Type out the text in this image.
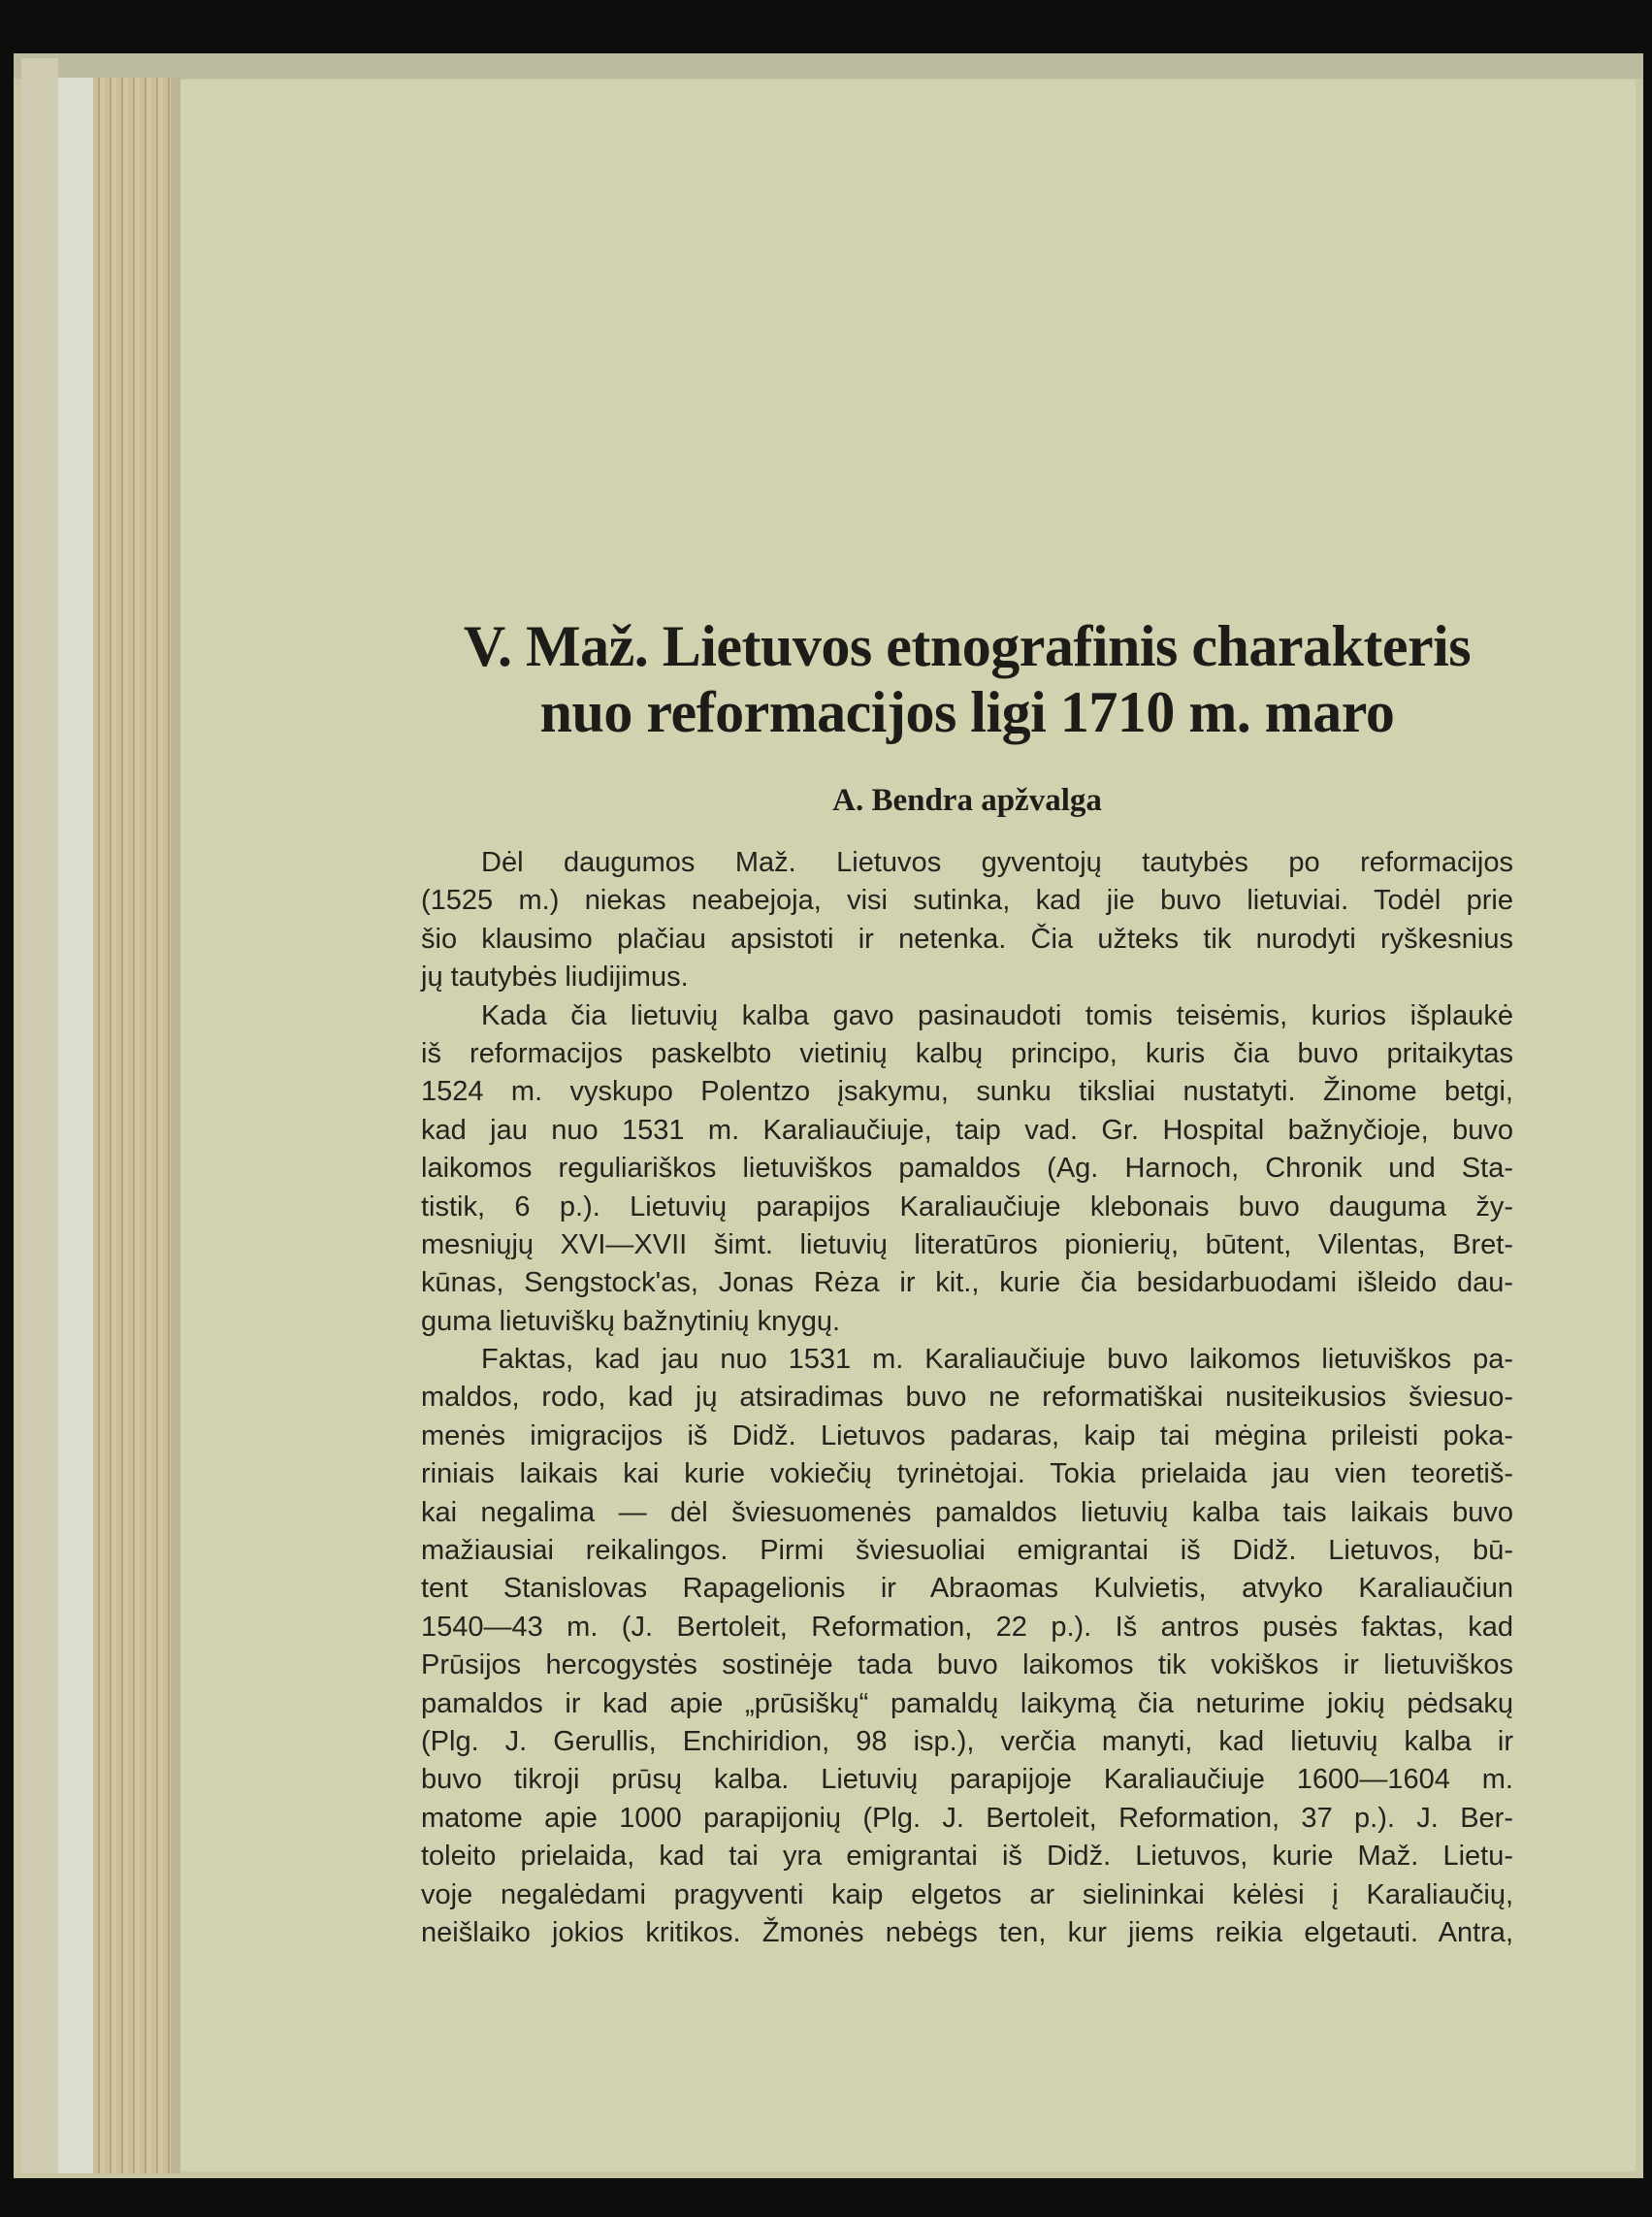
V. Maž. Lietuvos etnografinis charakteris
nuo reformacijos ligi 1710 m. maro
A. Bendra apžvalga
Dėl daugumos Maž. Lietuvos gyventojų tautybės po reformacijos
(1525 m.) niekas neabejoja, visi sutinka, kad jie buvo lietuviai. Todėl prie
šio klausimo plačiau apsistoti ir netenka. Čia užteks tik nurodyti ryškesnius
jų tautybės liudijimus.
Kada čia lietuvių kalba gavo pasinaudoti tomis teisėmis, kurios išplaukė
iš reformacijos paskelbto vietinių kalbų principo, kuris čia buvo pritaikytas
1524 m. vyskupo Polentzo įsakymu, sunku tiksliai nustatyti. Žinome betgi,
kad jau nuo 1531 m. Karaliaučiuje, taip vad. Gr. Hospital bažnyčioje, buvo
laikomos reguliariškos lietuviškos pamaldos (Ag. Harnoch, Chronik und Sta-
tistik, 6 p.). Lietuvių parapijos Karaliaučiuje klebonais buvo dauguma žy-
mesniųjų XVI—XVII šimt. lietuvių literatūros pionierių, būtent, Vilentas, Bret-
kūnas, Sengstock'as, Jonas Rėza ir kit., kurie čia besidarbuodami išleido dau-
guma lietuviškų bažnytinių knygų.
Faktas, kad jau nuo 1531 m. Karaliaučiuje buvo laikomos lietuviškos pa-
maldos, rodo, kad jų atsiradimas buvo ne reformatiškai nusiteikusios šviesuo-
menės imigracijos iš Didž. Lietuvos padaras, kaip tai mėgina prileisti poka-
riniais laikais kai kurie vokiečių tyrinėtojai. Tokia prielaida jau vien teoretiš-
kai negalima — dėl šviesuomenės pamaldos lietuvių kalba tais laikais buvo
mažiausiai reikalingos. Pirmi šviesuoliai emigrantai iš Didž. Lietuvos, bū-
tent Stanislovas Rapagelionis ir Abraomas Kulvietis, atvyko Karaliaučiun
1540—43 m. (J. Bertoleit, Reformation, 22 p.). Iš antros pusės faktas, kad
Prūsijos hercogystės sostinėje tada buvo laikomos tik vokiškos ir lietuviškos
pamaldos ir kad apie „prūsiškų“ pamaldų laikymą čia neturime jokių pėdsakų
(Plg. J. Gerullis, Enchiridion, 98 isp.), verčia manyti, kad lietuvių kalba ir
buvo tikroji prūsų kalba. Lietuvių parapijoje Karaliaučiuje 1600—1604 m.
matome apie 1000 parapijonių (Plg. J. Bertoleit, Reformation, 37 p.). J. Ber-
toleito prielaida, kad tai yra emigrantai iš Didž. Lietuvos, kurie Maž. Lietu-
voje negalėdami pragyventi kaip elgetos ar sielininkai kėlėsi į Karaliaučių,
neišlaiko jokios kritikos. Žmonės nebėgs ten, kur jiems reikia elgetauti. Antra,
